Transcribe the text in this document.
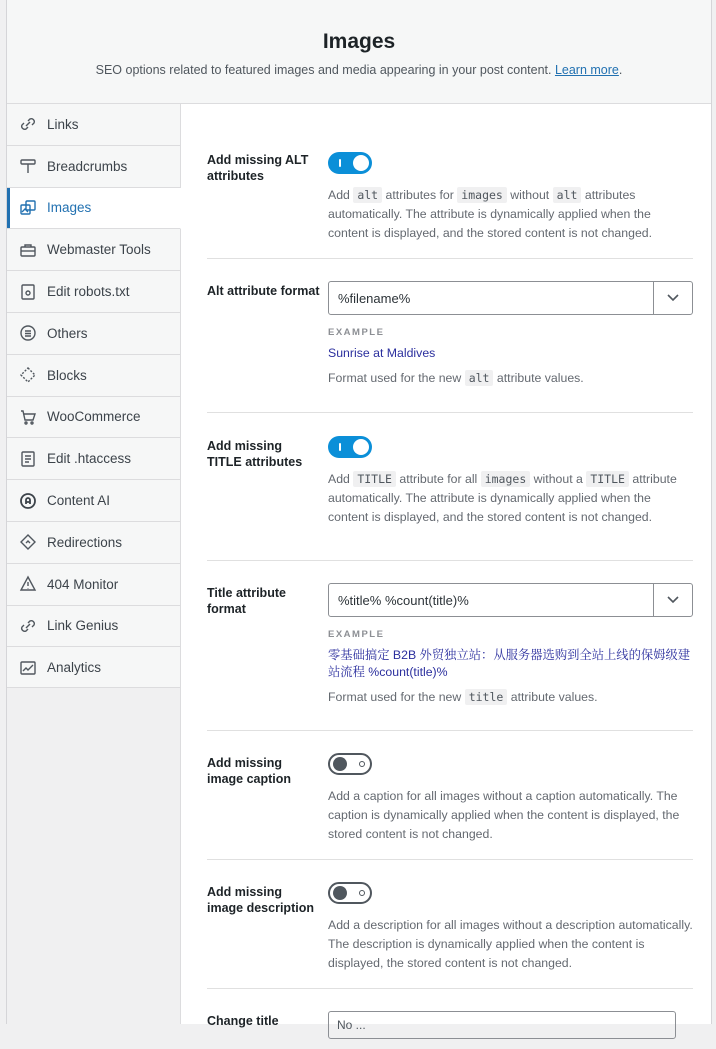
Images

SEO options related to featured images and media appearing in your post content. Learn more.

Links
Breadcrumbs
Images
Webmaster Tools
Edit robots.txt
Others
Blocks
WooCommerce
Edit .htaccess
Content AI
Redirections
404 Monitor
Link Genius
Analytics
Add missing ALT attributes
Add alt attributes for images without alt attributes automatically. The attribute is dynamically applied when the content is displayed, and the stored content is not changed.
Alt attribute format	%filename%
EXAMPLE
Sunrise at Maldives
Format used for the new alt attribute values.
Add missing TITLE attributes
Add TITLE attribute for all images without a TITLE attribute automatically. The attribute is dynamically applied when the content is displayed, and the stored content is not changed.
Title attribute format
%title% %count(title)%
EXAMPLE
零基础搞定 B2B 外贸独立站：从服务器选购到全站上线的保姆级建站流程 %count(title)%
Format used for the new title attribute values.
Add missing image caption
Add a caption for all images without a caption automatically. The caption is dynamically applied when the content is displayed, the stored content is not changed.
Add missing image description
Add a description for all images without a description automatically. The description is dynamically applied when the content is displayed, the stored content is not changed.
Change title	No ...
